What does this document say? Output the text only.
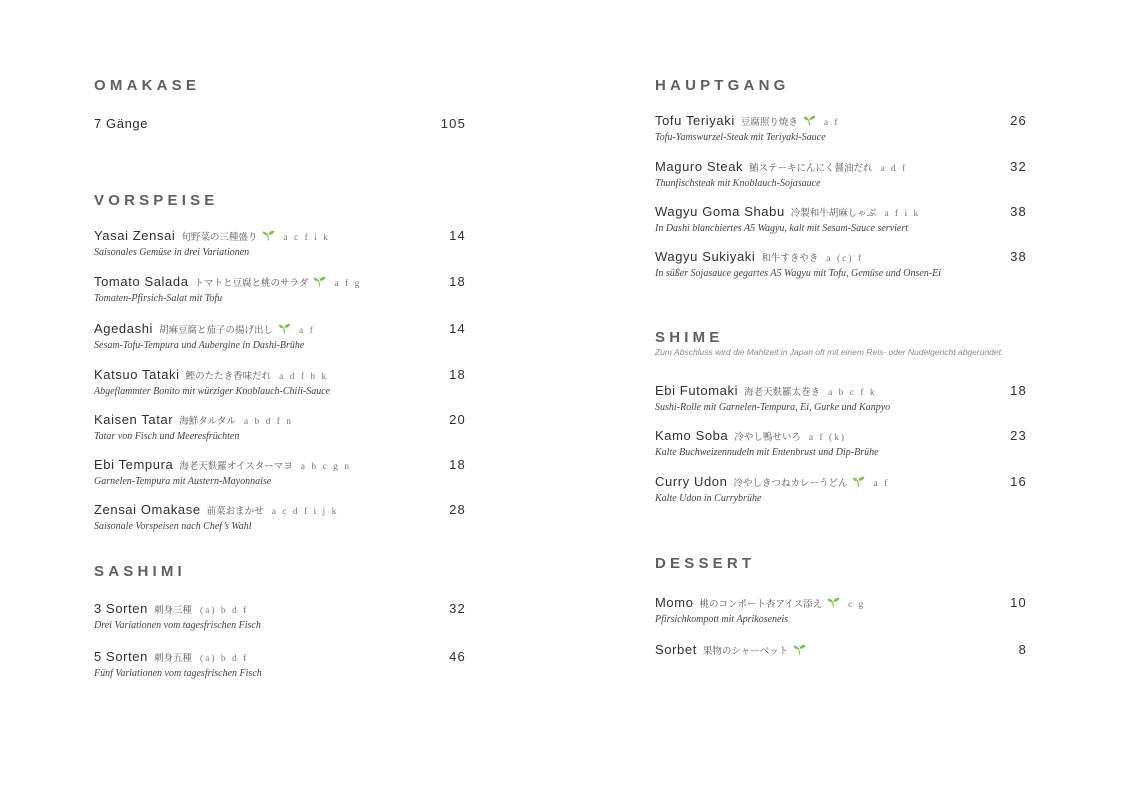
OMAKASE
7 Gänge	105
VORSPEISE
Yasai Zensai 旬野菜の三種盛り	a c f i k	14
Saisonales Gemüse in drei Variationen
Tomato Salada トマトと豆腐と桃のサラダ	a f g	18
Tomaten-Pfirsich-Salat mit Tofu
Agedashi 胡麻豆腐と茄子の揚げ出し	a f	14
Sesam-Tofu-Tempura und Aubergine in Dashi-Brühe
Katsuo Tataki 鰹のたたき香味だれ a d f h k	18
Abgeflammter Bonito mit würziger Knoblauch-Chili-Sauce
Kaisen Tatar 海鮮タルタル a b d f n	20
Tatar von Fisch und Meeresfrüchten
Ebi Tempura 海老天麩羅オイスターマヨ a b c g n	18
Garnelen-Tempura mit Austern-Mayonnaise
Zensai Omakase 前菜おまかせ a c d f i j k	28
Saisonale Vorspeisen nach Chef’s Wahl
SASHIMI
3 Sorten 刺身三種 (a) b d f	32
Drei Variationen vom tagesfrischen Fisch
5 Sorten 刺身五種 (a) b d f	46
Fünf Variationen vom tagesfrischen Fisch
HAUPTGANG
Tofu Teriyaki 豆腐照り焼き	a f	26
Tofu-Yamswurzel-Steak mit Teriyaki-Sauce
Maguro Steak 鮪ステーキにんにく醤油だれ a d f	32
Thunfischsteak mit Knoblauch-Sojasauce
Wagyu Goma Shabu 冷製和牛胡麻しゃぶ a f i k	38
In Dashi blanchiertes A5 Wagyu, kalt mit Sesam-Sauce serviert
Wagyu Sukiyaki 和牛すきやき a (c) f	38
In süßer Sojasauce gegartes A5 Wagyu mit Tofu, Gemüse und Onsen-Ei
SHIME
Zum Abschluss wird die Mahlzeit in Japan oft mit einem Reis- oder Nudelgericht abgerundet.
Ebi Futomaki 海老天麩羅太巻き a b c f k	18
Sushi-Rolle mit Garnelen-Tempura, Ei, Gurke und Kanpyo
Kamo Soba 冷やし鴨せいろ a f (k)	23
Kalte Buchweizennudeln mit Entenbrust und Dip-Brühe
Curry Udon 冷やしきつねカレーうどん	a f	16
Kalte Udon in Currybrühe
DESSERT
Momo 桃のコンポート杏アイス添え	c g	10
Pfirsichkompott mit Aprikoseneis
Sorbet 果物のシャーベット	8
